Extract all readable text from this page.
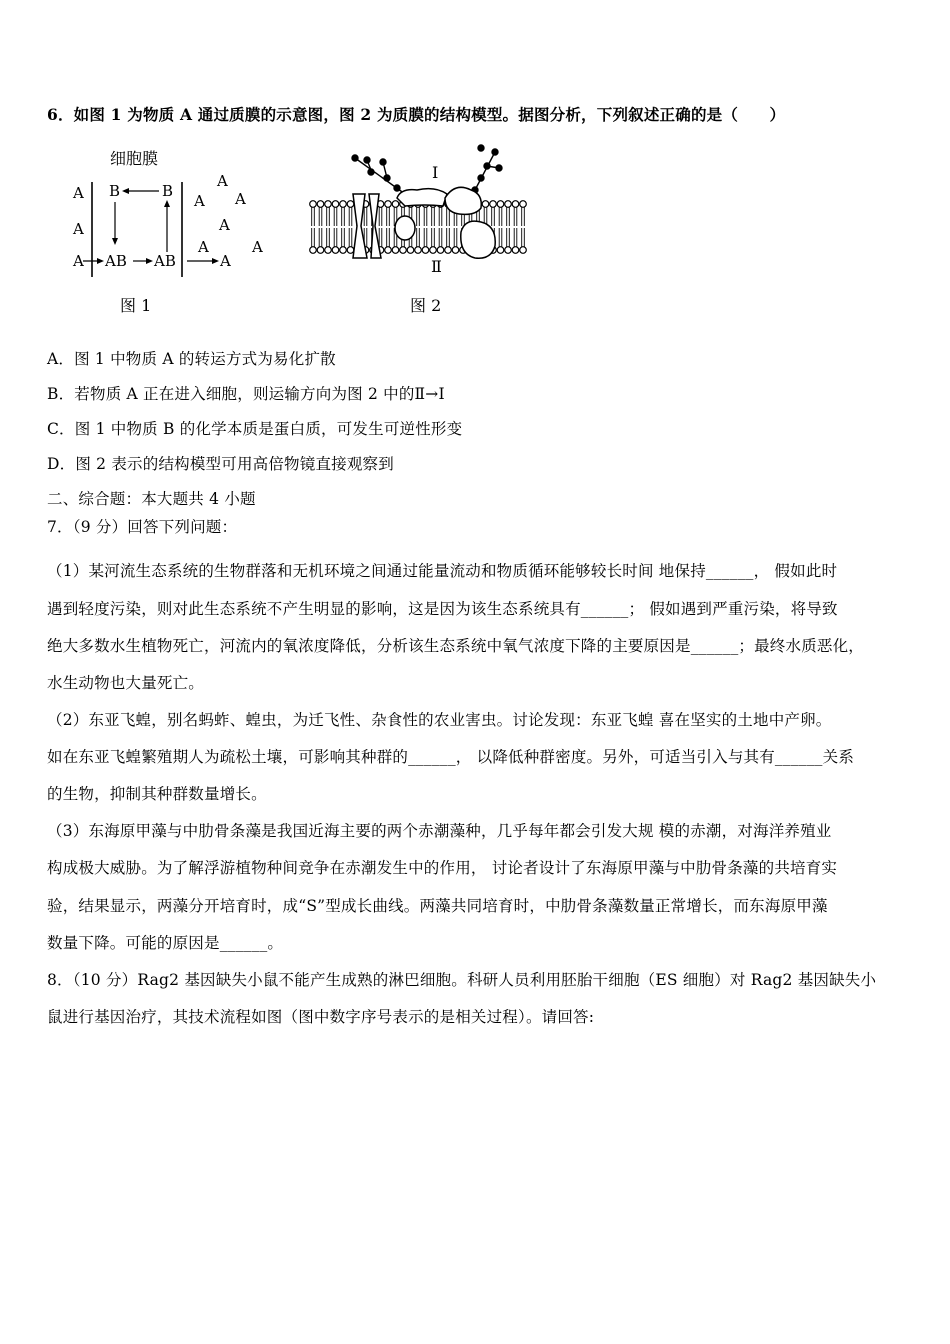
6．如图 1 为物质 A 通过质膜的示意图，图 2 为质膜的结构模型。据图分析，下列叙述正确的是（　　）
细胞膜
A
A
A
B	B
AB AB	A
A
A A
A
A	A
图 1
Ⅰ
Ⅱ
图 2
A．图 1 中物质 A 的转运方式为易化扩散
B．若物质 A 正在进入细胞，则运输方向为图 2 中的Ⅱ→Ⅰ
C．图 1 中物质 B 的化学本质是蛋白质，可发生可逆性形变
D．图 2 表示的结构模型可用高倍物镜直接观察到
二、综合题：本大题共 4 小题
7．（9 分）回答下列问题：
（1）某河流生态系统的生物群落和无机环境之间通过能量流动和物质循环能够较长时间 地保持______， 假如此时
遇到轻度污染，则对此生态系统不产生明显的影响，这是因为该生态系统具有______； 假如遇到严重污染，将导致
绝大多数水生植物死亡，河流内的氧浓度降低，分析该生态系统中氧气浓度下降的主要原因是______；最终水质恶化，
水生动物也大量死亡。
（2）东亚飞蝗，别名蚂蚱、蝗虫，为迁飞性、杂食性的农业害虫。讨论发现：东亚飞蝗 喜在坚实的土地中产卵。
如在东亚飞蝗繁殖期人为疏松土壤，可影响其种群的______， 以降低种群密度。另外，可适当引入与其有______关系
的生物，抑制其种群数量增长。
（3）东海原甲藻与中肋骨条藻是我国近海主要的两个赤潮藻种，几乎每年都会引发大规 模的赤潮，对海洋养殖业
构成极大威胁。为了解浮游植物种间竞争在赤潮发生中的作用， 讨论者设计了东海原甲藻与中肋骨条藻的共培育实
验，结果显示，两藻分开培育时，成“S”型成长曲线。两藻共同培育时，中肋骨条藻数量正常增长，而东海原甲藻
数量下降。可能的原因是______。
8．（10 分）Rag2 基因缺失小鼠不能产生成熟的淋巴细胞。科研人员利用胚胎干细胞（ES 细胞）对 Rag2 基因缺失小
鼠进行基因治疗，其技术流程如图（图中数字序号表示的是相关过程）。请回答:
